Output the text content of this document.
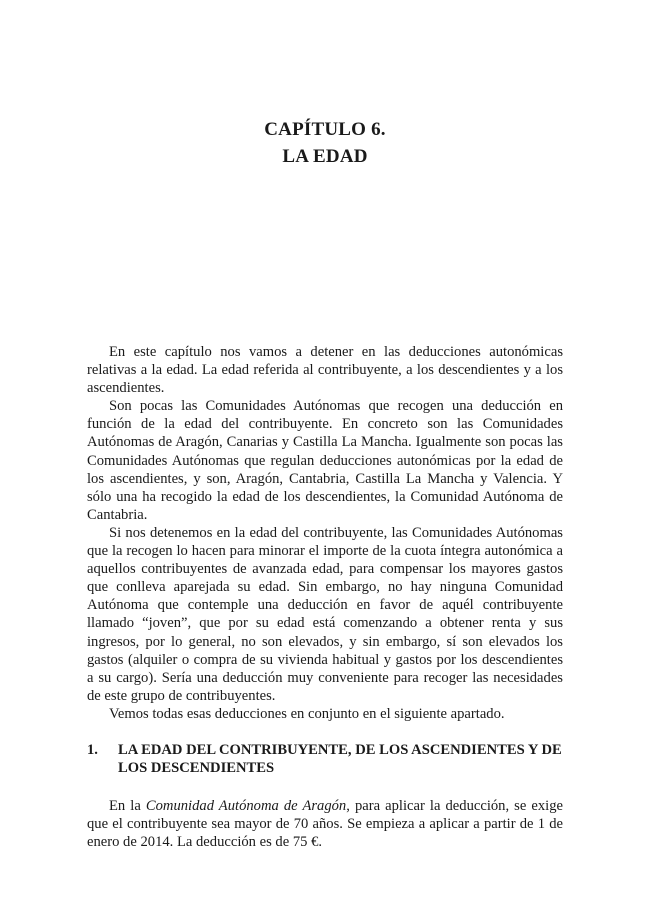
CAPÍTULO 6.
LA EDAD

En este capítulo nos vamos a detener en las deducciones autonómicas relativas a la edad. La edad referida al contribuyente, a los descendientes y a los ascendientes.

Son pocas las Comunidades Autónomas que recogen una deducción en función de la edad del contribuyente. En concreto son las Comunidades Autónomas de Aragón, Canarias y Castilla La Mancha. Igualmente son pocas las Comunidades Autónomas que regulan deducciones autonómicas por la edad de los ascendientes, y son, Aragón, Cantabria, Castilla La Mancha y Valencia. Y sólo una ha recogido la edad de los descendientes, la Comunidad Autónoma de Cantabria.

Si nos detenemos en la edad del contribuyente, las Comunidades Autónomas que la recogen lo hacen para minorar el importe de la cuota íntegra autonómica a aquellos contribuyentes de avanzada edad, para compensar los mayores gastos que conlleva aparejada su edad. Sin embargo, no hay ninguna Comunidad Autónoma que contemple una deducción en favor de aquél contribuyente llamado “joven”, que por su edad está comenzando a obtener renta y sus ingresos, por lo general, no son elevados, y sin embargo, sí son elevados los gastos (alquiler o compra de su vivienda habitual y gastos por los descendientes a su cargo). Sería una deducción muy conveniente para recoger las necesidades de este grupo de contribuyentes.

Vemos todas esas deducciones en conjunto en el siguiente apartado.

1.	LA EDAD DEL CONTRIBUYENTE, DE LOS ASCENDIENTES Y DE LOS DESCENDIENTES

En la Comunidad Autónoma de Aragón, para aplicar la deducción, se exige que el contribuyente sea mayor de 70 años. Se empieza a aplicar a partir de 1 de enero de 2014. La deducción es de 75 €.
